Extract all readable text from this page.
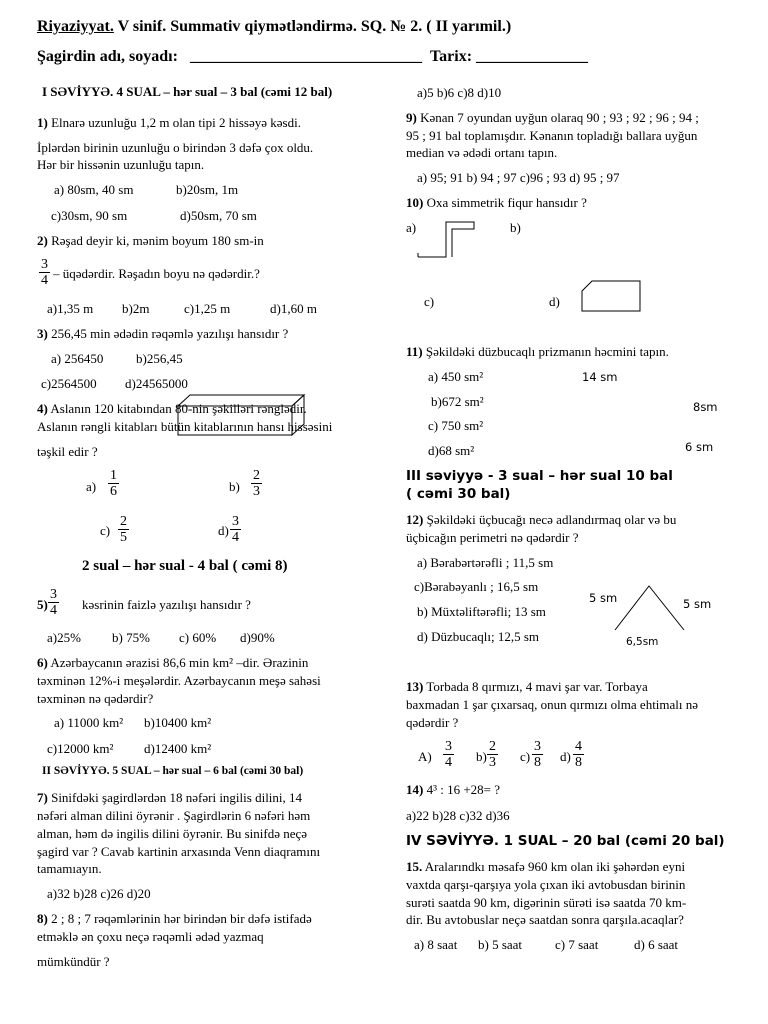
Riyaziyyat. V sinif. Summativ qiymətləndirmə. SQ. № 2. ( II yarımil.)
Şagirdin adı, soyadı: _____________________________ Tarix: ______________
I SƏVİYYƏ. 4 SUAL – hər sual – 3 bal (cəmi 12 bal)
1) Elnarə uzunluğu 1,2 m olan tipi 2 hissəyə kəsdi.
İplərdən birinin uzunluğu o birindən 3 dəfə çox oldu.
Hər bir hissənin uzunluğu tapın.
a) 80sm, 40 sm	b)20sm, 1m
c)30sm, 90 sm	d)50sm, 70 sm
2) Rəşad deyir ki, mənim boyum 180 sm-in
3
4 – üqədərdir. Rəşadın boyu nə qədərdir.?
a)1,35 m b)2m	c)1,25 m	d)1,60 m
3) 256,45 min ədədin rəqəmlə yazılışı hansıdır ?
a) 256450	b)256,45
c)2564500 d)24565000
4) Aslanın 120 kitabından 80-nin şəkilləri rənglədir.
Aslanın rəngli kitabları bütün kitablarının hansı hissəsini
təşkil edir ?
a)
1
6	b)
2
3
c)
2
5	d)
3
4
2 sual – hər sual - 4 bal ( cəmi 8)
5)
3
4 kəsrinin faizlə yazılışı hansıdır ?
a)25% b) 75% c) 60% d)90%
6) Azərbaycanın ərazisi 86,6 min km² –dir. Ərazinin
təxminən 12%-i meşələrdir. Azərbaycanın meşə sahəsi
təxminən nə qədərdir?
a) 11000 km² b)10400 km²
c)12000 km² d)12400 km²
II SƏVİYYƏ. 5 SUAL – hər sual – 6 bal (cəmi 30 bal)
7) Sinifdəki şagirdlərdən 18 nəfəri ingilis dilini, 14
nəfəri alman dilini öyrənir . Şagirdlərin 6 nəfəri həm
alman, həm də ingilis dilini öyrənir. Bu sinifdə neçə
şagird var ? Cavab kartinin arxasında Venn diaqramını
tamamıayın.
a)32 b)28 c)26 d)20
8) 2 ; 8 ; 7 rəqəmlərinin hər birindən bir dəfə istifadə
etməklə ən çoxu neçə rəqəmli ədəd yazmaq
mümkündür ?
a)5 b)6 c)8 d)10
9) Kənan 7 oyundan uyğun olaraq 90 ; 93 ; 92 ; 96 ; 94 ;
95 ; 91 bal toplamışdır. Kənanın topladığı ballara uyğun
median və ədədi ortanı tapın.
a) 95; 91 b) 94 ; 97 c)96 ; 93 d) 95 ; 97
10) Oxa simmetrik fiqur hansıdır ?
a)	b)
c)	d)
11) Şəkildəki düzbucaqlı prizmanın həcmini tapın.
a) 450 sm²	14 sm
b)672 sm²	8sm
c) 750 sm²
6 sm
d)68 sm²
III səviyyə - 3 sual – hər sual 10 bal
( cəmi 30 bal)
12) Şəkildəki üçbucağı necə adlandırmaq olar və bu
üçbicağın perimetri nə qədərdir ?
a) Bərabərtərəfli ; 11,5 sm
c)Bərabəyanlı ; 16,5 sm
b) Müxtəliftərəfli; 13 sm
d) Düzbucaqlı; 12,5 sm
5 sm	5 sm
6,5sm
13) Torbada 8 qırmızı, 4 mavi şar var. Torbaya
baxmadan 1 şar çıxarsaq, onun qırmızı olma ehtimalı nə
qədərdir ?
A)
3
4 b)
2
3 c)
3
8 d)
4
8
14) 4³ : 16 +28= ?
a)22 b)28 c)32 d)36
IV SƏVİYYƏ. 1 SUAL – 20 bal (cəmi 20 bal)
15. Aralarındkı məsafə 960 km olan iki şəhərdən eyni
vaxtda qarşı-qarşıya yola çıxan iki avtobusdan birinin
surəti saatda 90 km, digərinin sürəti isə saatda 70 km-
dir. Bu avtobuslar neçə saatdan sonra qarşıla.acaqlar?
a) 8 saat b) 5 saat	c) 7 saat	d) 6 saat
